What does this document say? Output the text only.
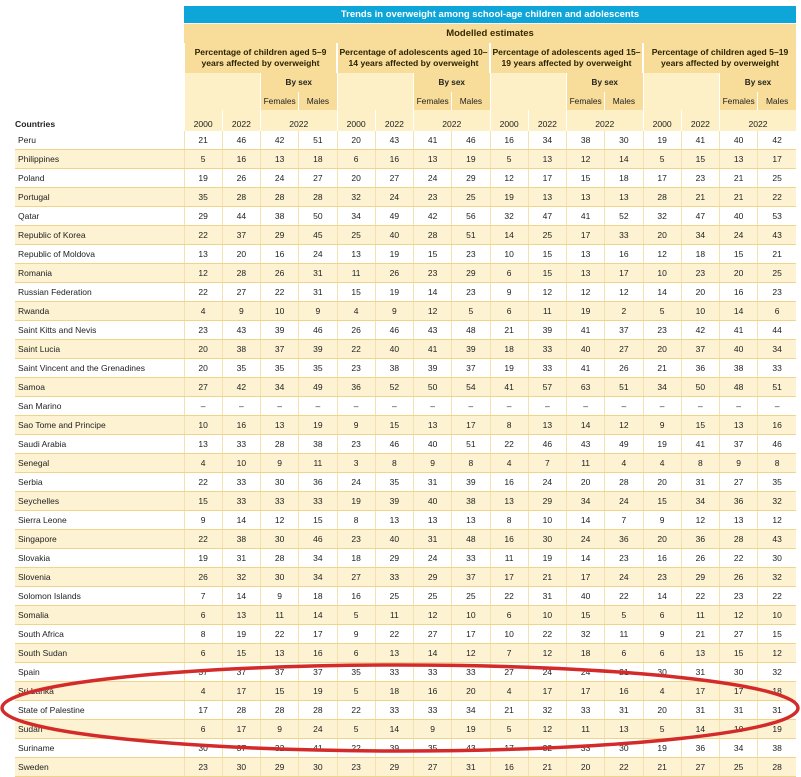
	Trends in overweight among school-age children and adolescents															
	Modelled estimates															
	Percentage of children aged 5–9 years affected by overweight				Percentage of adolescents aged 10–14 years affected by overweight				Percentage of adolescents aged 15–19 years affected by overweight				Percentage of children aged 5–19 years affected by overweight			
			By sex				By sex				By sex				By sex	
			Females	Males			Females	Males			Females	Males			Females	Males
Countries	2000	2022	2022		2000	2022	2022		2000	2022	2022		2000	2022	2022	
Peru	21	46	42	51	20	43	41	46	16	34	38	30	19	41	40	42
Philippines	5	16	13	18	6	16	13	19	5	13	12	14	5	15	13	17
Poland	19	26	24	27	20	27	24	29	12	17	15	18	17	23	21	25
Portugal	35	28	28	28	32	24	23	25	19	13	13	13	28	21	21	22
Qatar	29	44	38	50	34	49	42	56	32	47	41	52	32	47	40	53
Republic of Korea	22	37	29	45	25	40	28	51	14	25	17	33	20	34	24	43
Republic of Moldova	13	20	16	24	13	19	15	23	10	15	13	16	12	18	15	21
Romania	12	28	26	31	11	26	23	29	6	15	13	17	10	23	20	25
Russian Federation	22	27	22	31	15	19	14	23	9	12	12	12	14	20	16	23
Rwanda	4	9	10	9	4	9	12	5	6	11	19	2	5	10	14	6
Saint Kitts and Nevis	23	43	39	46	26	46	43	48	21	39	41	37	23	42	41	44
Saint Lucia	20	38	37	39	22	40	41	39	18	33	40	27	20	37	40	34
Saint Vincent and the Grenadines	20	35	35	35	23	38	39	37	19	33	41	26	21	36	38	33
Samoa	27	42	34	49	36	52	50	54	41	57	63	51	34	50	48	51
San Marino	–	–	–	–	–	–	–	–	–	–	–	–	–	–	–	–
Sao Tome and Principe	10	16	13	19	9	15	13	17	8	13	14	12	9	15	13	16
Saudi Arabia	13	33	28	38	23	46	40	51	22	46	43	49	19	41	37	46
Senegal	4	10	9	11	3	8	9	8	4	7	11	4	4	8	9	8
Serbia	22	33	30	36	24	35	31	39	16	24	20	28	20	31	27	35
Seychelles	15	33	33	33	19	39	40	38	13	29	34	24	15	34	36	32
Sierra Leone	9	14	12	15	8	13	13	13	8	10	14	7	9	12	13	12
Singapore	22	38	30	46	23	40	31	48	16	30	24	36	20	36	28	43
Slovakia	19	31	28	34	18	29	24	33	11	19	14	23	16	26	22	30
Slovenia	26	32	30	34	27	33	29	37	17	21	17	24	23	29	26	32
Solomon Islands	7	14	9	18	16	25	25	25	22	31	40	22	14	22	23	22
Somalia	6	13	11	14	5	11	12	10	6	10	15	5	6	11	12	10
South Africa	8	19	22	17	9	22	27	17	10	22	32	11	9	21	27	15
South Sudan	6	15	13	16	6	13	14	12	7	12	18	6	6	13	15	12
Spain	37	37	37	37	35	33	33	33	27	24	24	21	30	31	30	32
Sri Lanka	4	17	15	19	5	18	16	20	4	17	17	16	4	17	17	18
State of Palestine	17	28	28	28	22	33	33	34	21	32	33	31	20	31	31	31
Sudan	6	17	9	24	5	14	9	19	5	12	11	13	5	14	10	19
Suriname	30	37	32	41	22	39	35	43	17	32	33	30	19	36	34	38
Sweden	23	30	29	30	23	29	27	31	16	21	20	22	21	27	25	28
